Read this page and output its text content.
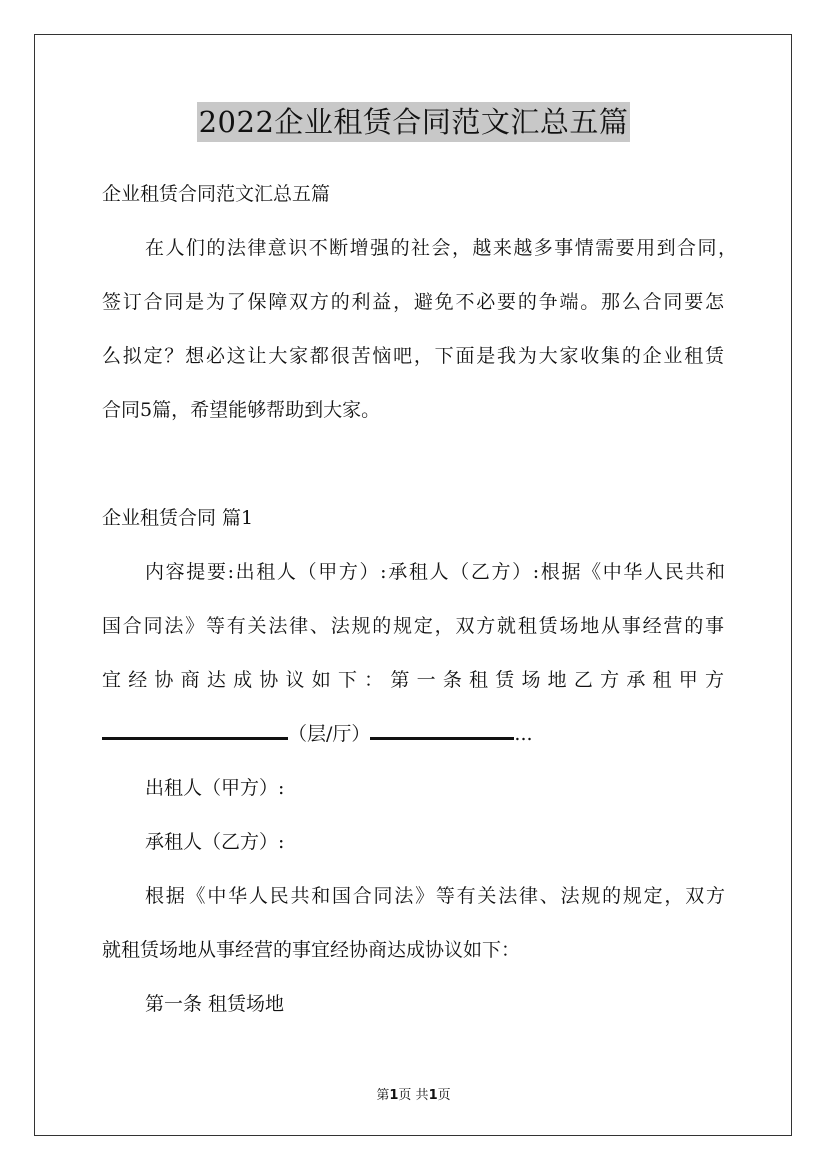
2022企业租赁合同范文汇总五篇
企业租赁合同范文汇总五篇
在人们的法律意识不断增强的社会，越来越多事情需要用到合同，
签订合同是为了保障双方的利益，避免不必要的争端。那么合同要怎
么拟定？想必这让大家都很苦恼吧，下面是我为大家收集的企业租赁
合同5篇，希望能够帮助到大家。
企业租赁合同 篇1
内容提要:出租人（甲方）:承租人（乙方）:根据《中华人民共和
国合同法》等有关法律、法规的规定，双方就租赁场地从事经营的事
宜经协商达成协议如下：第一条租赁场地乙方承租甲方
（层/厅）	...
出租人（甲方）:
承租人（乙方）:
根据《中华人民共和国合同法》等有关法律、法规的规定，双方
就租赁场地从事经营的事宜经协商达成协议如下：
第一条 租赁场地
第1页 共1页
